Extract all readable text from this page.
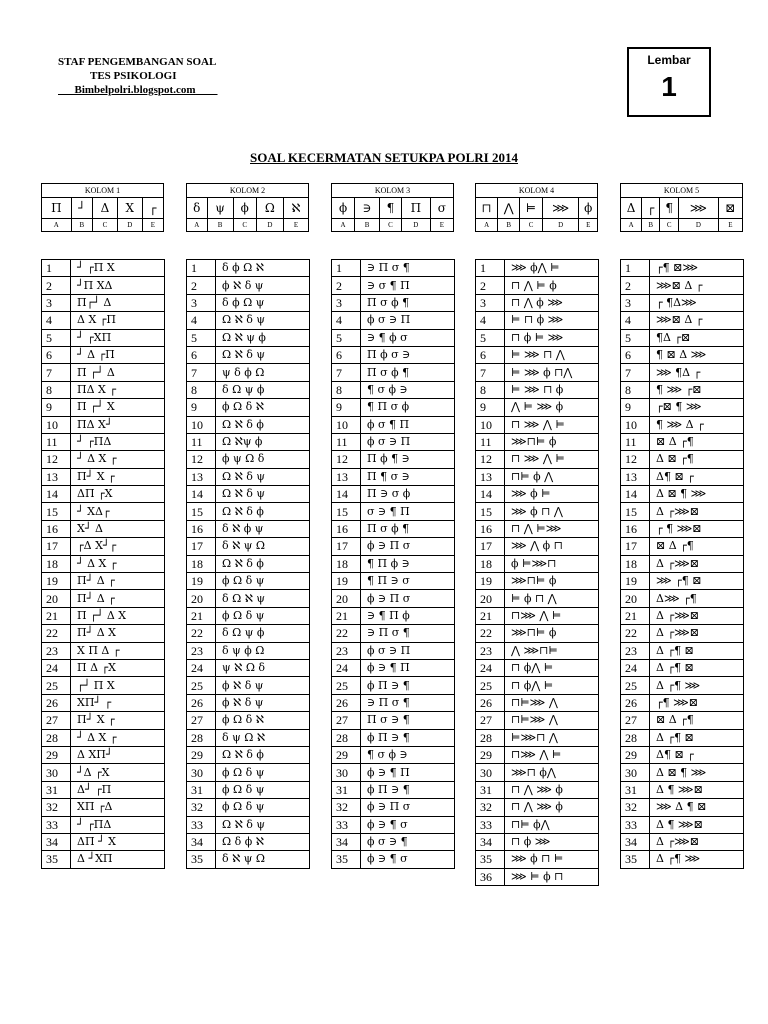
STAF PENGEMBANGAN SOAL
TES PSIKOLOGI
Bimbelpolri.blogspot.com
Lembar
1
SOAL KECERMATAN SETUKPA POLRI 2014
KOLOM 1				
Π	┘	Δ	X	┌
A	B	C	D	E
1	┘ ┌Π X
2	┘Π XΔ
3	Π┌┘ Δ
4	Δ X ┌Π
5	┘ ┌XΠ
6	┘ Δ ┌Π
7	Π ┌┘ Δ
8	ΠΔ X ┌
9	Π ┌┘ X
10	ΠΔ X┘
11	┘ ┌ΠΔ
12	┘ Δ X ┌
13	Π┘ X ┌
14	ΔΠ ┌X
15	┘ XΔ┌
16	X┘ Δ
17	┌Δ X┘┌
18	┘ Δ X ┌
19	Π┘ Δ ┌
20	Π┘ Δ ┌
21	Π ┌┘ Δ X
22	Π┘ Δ X
23	X Π Δ ┌
24	Π Δ ┌X
25	┌┘ Π X
26	XΠ┘ ┌
27	Π┘ X ┌
28	┘ Δ X ┌
29	Δ XΠ┘
30	┘Δ ┌X
31	Δ┘ ┌Π
32	XΠ ┌Δ
33	┘ ┌ΠΔ
34	ΔΠ ┘ X
35	Δ ┘XΠ
KOLOM 2				
δ	ψ	ϕ	Ω	ℵ
A	B	C	D	E
1	δ ϕ Ω ℵ
2	ϕ ℵ δ ψ
3	δ ϕ Ω ψ
4	Ω ℵ δ ψ
5	Ω ℵ ψ ϕ
6	Ω ℵ δ ψ
7	ψ δ ϕ Ω
8	δ Ω ψ ϕ
9	ϕ Ω δ ℵ
10	Ω ℵ δ ϕ
11	Ω ℵψ ϕ
12	ϕ ψ Ω δ
13	Ω ℵ δ ψ
14	Ω ℵ δ ψ
15	Ω ℵ δ ϕ
16	δ ℵ ϕ ψ
17	δ ℵ ψ Ω
18	Ω ℵ δ ϕ
19	ϕ Ω δ ψ
20	δ Ω ℵ ψ
21	ϕ Ω δ ψ
22	δ Ω ψ ϕ
23	δ ψ ϕ Ω
24	ψ ℵ Ω δ
25	ϕ ℵ δ ψ
26	ϕ ℵ δ ψ
27	ϕ Ω δ ℵ
28	δ ψ Ω ℵ
29	Ω ℵ δ ϕ
30	ϕ Ω δ ψ
31	ϕ Ω δ ψ
32	ϕ Ω δ ψ
33	Ω ℵ δ ψ
34	Ω δ ϕ ℵ
35	δ ℵ ψ Ω
KOLOM 3				
ϕ	∋	¶	Π	σ
A	B	C	D	E
1	∋ Π σ ¶
2	∋ σ ¶ Π
3	Π σ ϕ ¶
4	ϕ σ ∋ Π
5	∋ ¶ ϕ σ
6	Π ϕ σ ∋
7	Π σ ϕ ¶
8	¶ σ ϕ ∋
9	¶ Π σ ϕ
10	ϕ σ ¶ Π
11	ϕ σ ∋ Π
12	Π ϕ ¶ ∋
13	Π ¶ σ ∋
14	Π ∋ σ ϕ
15	σ ∋ ¶ Π
16	Π σ ϕ ¶
17	ϕ ∋ Π σ
18	¶ Π ϕ ∋
19	¶ Π ∋ σ
20	ϕ ∋ Π σ
21	∋ ¶ Π ϕ
22	∋ Π σ ¶
23	ϕ σ ∋ Π
24	ϕ ∋ ¶ Π
25	ϕ Π ∋ ¶
26	∋ Π σ ¶
27	Π σ ∋ ¶
28	ϕ Π ∋ ¶
29	¶ σ ϕ ∋
30	ϕ ∋ ¶ Π
31	ϕ Π ∋ ¶
32	ϕ ∋ Π σ
33	ϕ ∋ ¶ σ
34	ϕ σ ∋ ¶
35	ϕ ∋ ¶ σ
KOLOM 4				
⊓	⋀	⊨	⋙	ϕ
A	B	C	D	E
1	⋙ ϕ⋀ ⊨
2	⊓ ⋀ ⊨ ϕ
3	⊓ ⋀ ϕ ⋙
4	⊨ ⊓ ϕ ⋙
5	⊓ ϕ ⊨ ⋙
6	⊨ ⋙ ⊓ ⋀
7	⊨ ⋙ ϕ ⊓⋀
8	⊨ ⋙ ⊓ ϕ
9	⋀ ⊨ ⋙ ϕ
10	⊓ ⋙ ⋀ ⊨
11	⋙⊓⊨ ϕ
12	⊓ ⋙ ⋀ ⊨
13	⊓⊨ ϕ ⋀
14	⋙ ϕ ⊨
15	⋙ ϕ ⊓ ⋀
16	⊓ ⋀ ⊨⋙
17	⋙ ⋀ ϕ ⊓
18	ϕ ⊨⋙⊓
19	⋙⊓⊨ ϕ
20	⊨ ϕ ⊓ ⋀
21	⊓⋙ ⋀ ⊨
22	⋙⊓⊨ ϕ
23	⋀ ⋙⊓⊨
24	⊓ ϕ⋀ ⊨
25	⊓ ϕ⋀ ⊨
26	⊓⊨⋙ ⋀
27	⊓⊨⋙ ⋀
28	⊨⋙⊓ ⋀
29	⊓⋙ ⋀ ⊨
30	⋙⊓ ϕ⋀
31	⊓ ⋀ ⋙ ϕ
32	⊓ ⋀ ⋙ ϕ
33	⊓⊨ ϕ⋀
34	⊓ ϕ ⋙
35	⋙ ϕ ⊓ ⊨
36	⋙ ⊨ ϕ ⊓
KOLOM 5				
Δ	┌	¶	⋙	⊠
A	B	C	D	E
1	┌¶ ⊠⋙
2	⋙⊠ Δ ┌
3	┌ ¶Δ⋙
4	⋙⊠ Δ ┌
5	¶Δ ┌⊠
6	¶ ⊠ Δ ⋙
7	⋙ ¶Δ ┌
8	¶ ⋙ ┌⊠
9	┌⊠ ¶ ⋙
10	¶ ⋙ Δ ┌
11	⊠ Δ ┌¶
12	Δ ⊠ ┌¶
13	Δ¶ ⊠ ┌
14	Δ ⊠ ¶ ⋙
15	Δ ┌⋙⊠
16	┌ ¶ ⋙⊠
17	⊠ Δ ┌¶
18	Δ ┌⋙⊠
19	⋙ ┌¶ ⊠
20	Δ⋙ ┌¶
21	Δ ┌⋙⊠
22	Δ ┌⋙⊠
23	Δ ┌¶ ⊠
24	Δ ┌¶ ⊠
25	Δ ┌¶ ⋙
26	┌¶ ⋙⊠
27	⊠ Δ ┌¶
28	Δ ┌¶ ⊠
29	Δ¶ ⊠ ┌
30	Δ ⊠ ¶ ⋙
31	Δ ¶ ⋙⊠
32	⋙ Δ ¶ ⊠
33	Δ ¶ ⋙⊠
34	Δ ┌⋙⊠
35	Δ ┌¶ ⋙
